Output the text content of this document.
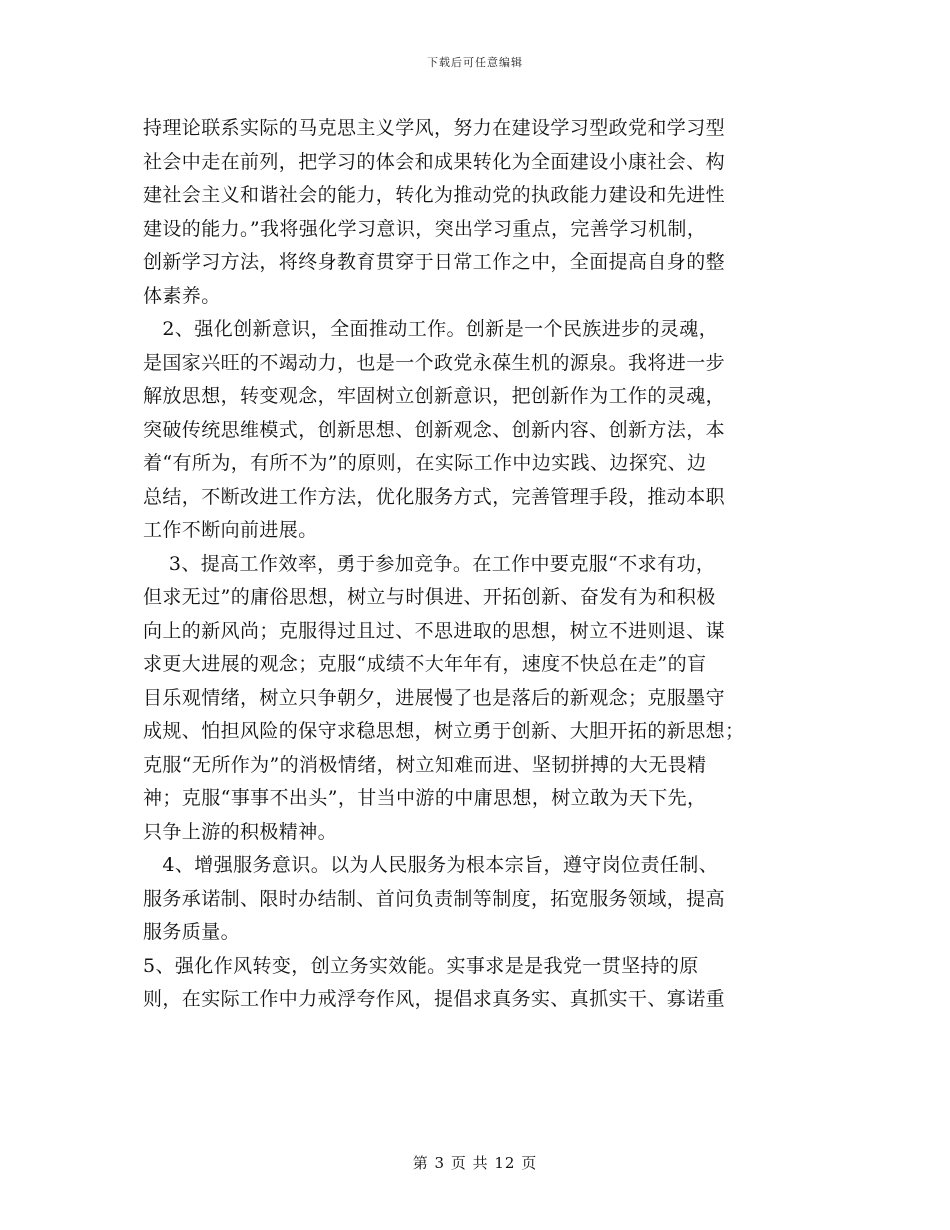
下载后可任意编辑
持理论联系实际的马克思主义学风，努力在建设学习型政党和学习型
社会中走在前列，把学习的体会和成果转化为全面建设小康社会、构
建社会主义和谐社会的能力，转化为推动党的执政能力建设和先进性
建设的能力。”我将强化学习意识，突出学习重点，完善学习机制，
创新学习方法，将终身教育贯穿于日常工作之中，全面提高自身的整
体素养。
　2、强化创新意识，全面推动工作。创新是一个民族进步的灵魂，
是国家兴旺的不竭动力，也是一个政党永葆生机的源泉。我将进一步
解放思想，转变观念，牢固树立创新意识，把创新作为工作的灵魂，
突破传统思维模式，创新思想、创新观念、创新内容、创新方法，本
着“有所为，有所不为”的原则，在实际工作中边实践、边探究、边
总结，不断改进工作方法，优化服务方式，完善管理手段，推动本职
工作不断向前进展。
　 3、提高工作效率，勇于参加竞争。在工作中要克服“不求有功，
但求无过”的庸俗思想，树立与时俱进、开拓创新、奋发有为和积极
向上的新风尚；克服得过且过、不思进取的思想，树立不进则退、谋
求更大进展的观念；克服“成绩不大年年有，速度不快总在走”的盲
目乐观情绪，树立只争朝夕，进展慢了也是落后的新观念；克服墨守
成规、怕担风险的保守求稳思想，树立勇于创新、大胆开拓的新思想；
克服“无所作为”的消极情绪，树立知难而进、坚韧拼搏的大无畏精
神；克服“事事不出头”，甘当中游的中庸思想，树立敢为天下先，
只争上游的积极精神。
　4、增强服务意识。以为人民服务为根本宗旨，遵守岗位责任制、
服务承诺制、限时办结制、首问负责制等制度，拓宽服务领域，提高
服务质量。
5、强化作风转变，创立务实效能。实事求是是我党一贯坚持的原
则，在实际工作中力戒浮夸作风，提倡求真务实、真抓实干、寡诺重
第 3 页 共 12 页
